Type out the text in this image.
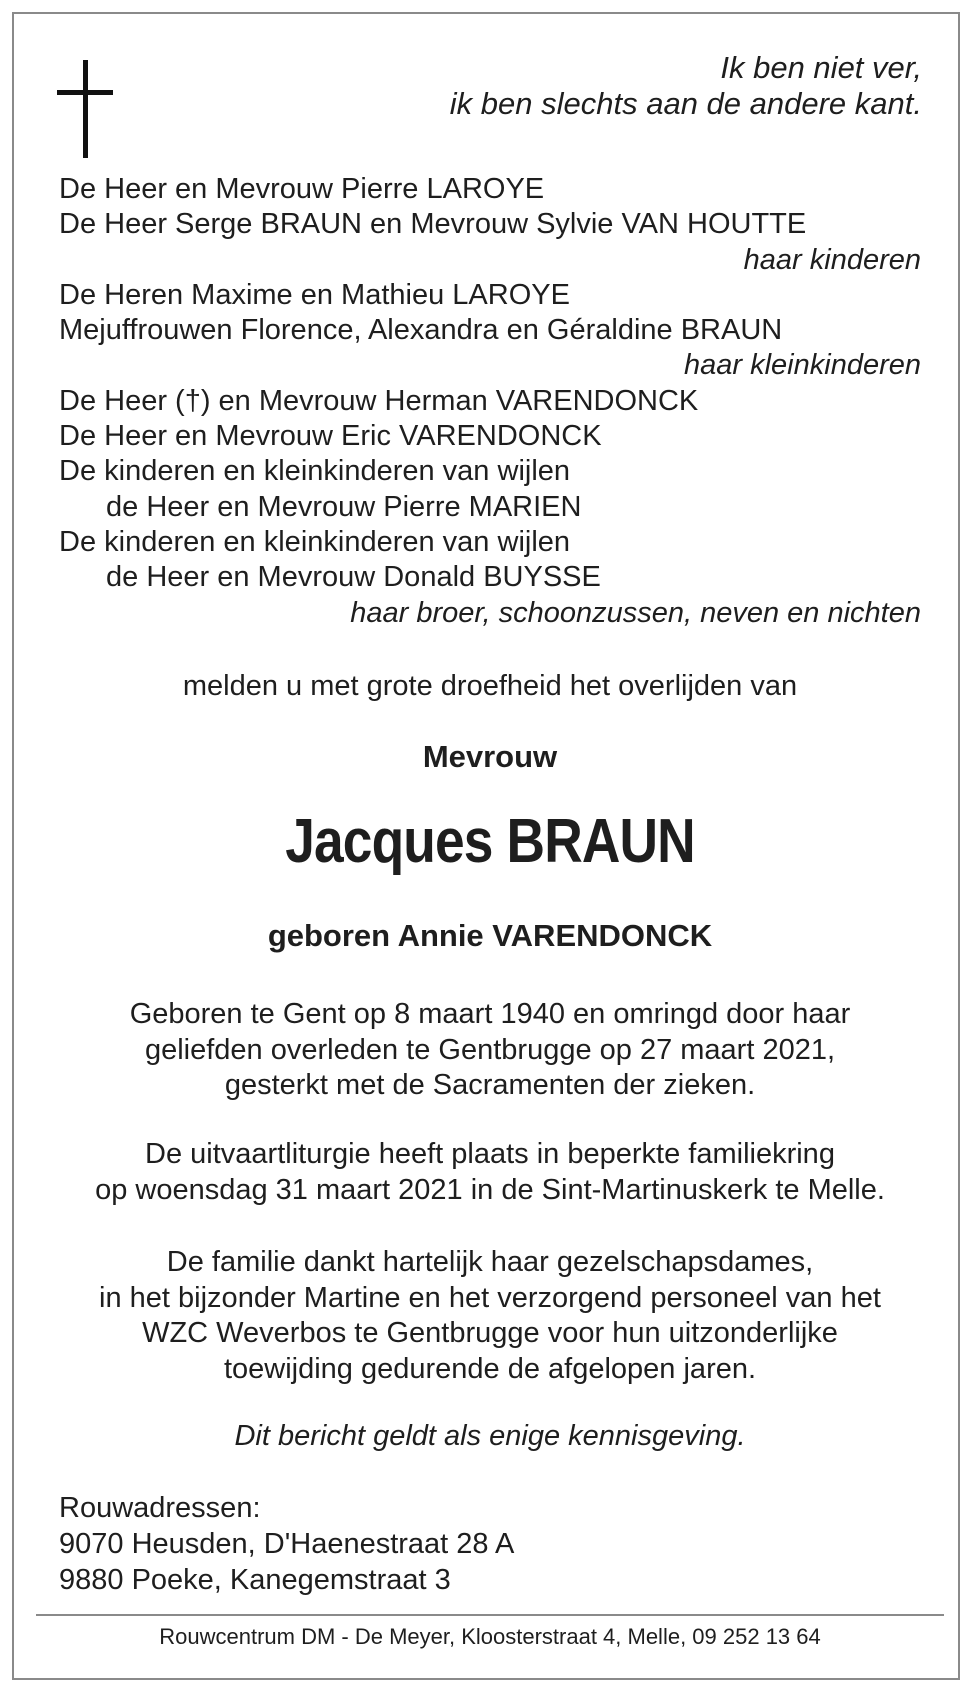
Ik ben niet ver,
ik ben slechts aan de andere kant.
De Heer en Mevrouw Pierre LAROYE
De Heer Serge BRAUN en Mevrouw Sylvie VAN HOUTTE
haar kinderen
De Heren Maxime en Mathieu LAROYE
Mejuffrouwen Florence, Alexandra en Géraldine BRAUN
haar kleinkinderen
De Heer (†) en Mevrouw Herman VARENDONCK
De Heer en Mevrouw Eric VARENDONCK
De kinderen en kleinkinderen van wijlen
de Heer en Mevrouw Pierre MARIEN
De kinderen en kleinkinderen van wijlen
de Heer en Mevrouw Donald BUYSSE
haar broer, schoonzussen, neven en nichten
melden u met grote droefheid het overlijden van
Mevrouw
Jacques BRAUN
geboren Annie VARENDONCK
Geboren te Gent op 8 maart 1940 en omringd door haar
geliefden overleden te Gentbrugge op 27 maart 2021,
gesterkt met de Sacramenten der zieken.
De uitvaartliturgie heeft plaats in beperkte familiekring
op woensdag 31 maart 2021 in de Sint-Martinuskerk te Melle.
De familie dankt hartelijk haar gezelschapsdames,
in het bijzonder Martine en het verzorgend personeel van het
WZC Weverbos te Gentbrugge voor hun uitzonderlijke
toewijding gedurende de afgelopen jaren.
Dit bericht geldt als enige kennisgeving.
Rouwadressen:
9070 Heusden, D'Haenestraat 28 A
9880 Poeke, Kanegemstraat 3
Rouwcentrum DM - De Meyer, Kloosterstraat 4, Melle, 09 252 13 64
